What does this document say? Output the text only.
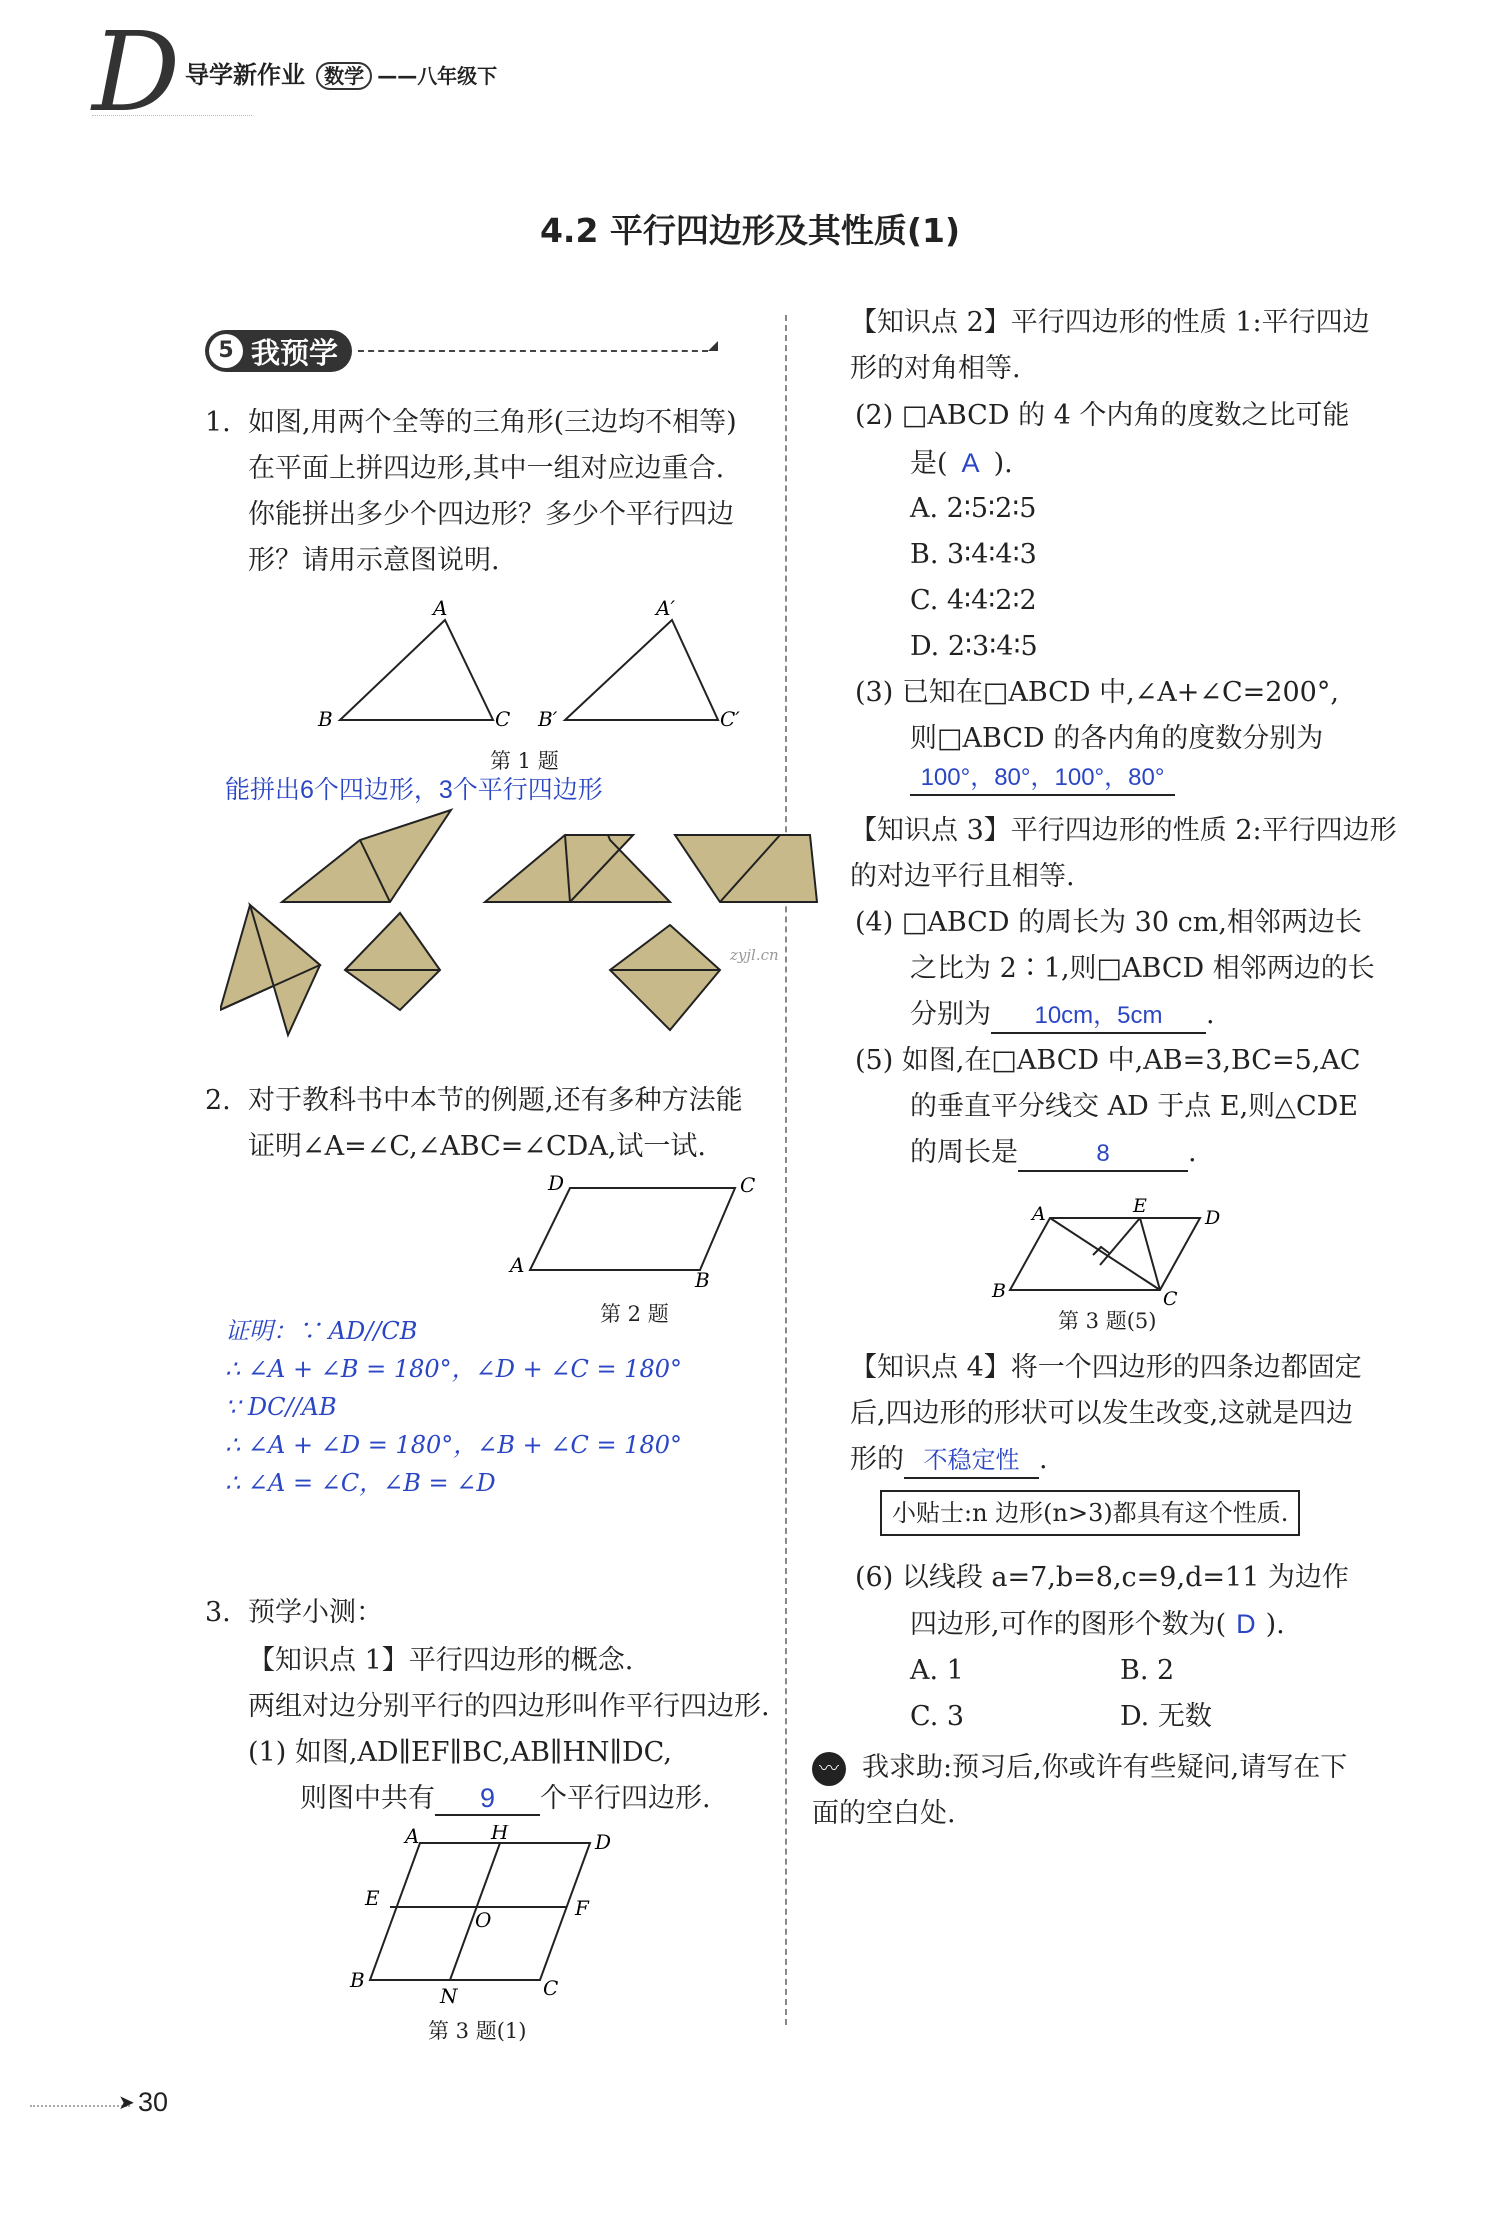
D 导学新作业 数学 ——八年级下
4.2 平行四边形及其性质(1)
5 我预学
1. 如图,用两个全等的三角形(三边均不相等)
在平面上拼四边形,其中一组对应边重合.
你能拼出多少个四边形？多少个平行四边
形？请用示意图说明.
A
B	C
A′
B′	C′
第 1 题
能拼出6个四边形，3个平行四边形
zyjl.cn
2. 对于教科书中本节的例题,还有多种方法能
证明∠A=∠C,∠ABC=∠CDA,试一试.
D	C
A
B
第 2 题
证明：∵ AD//CB
∴ ∠A + ∠B = 180°，∠D + ∠C = 180°
∵ DC//AB
∴ ∠A + ∠D = 180°，∠B + ∠C = 180°
∴ ∠A = ∠C，∠B = ∠D
3. 预学小测：
【知识点 1】平行四边形的概念.
两组对边分别平行的四边形叫作平行四边形.
(1) 如图,AD∥EF∥BC,AB∥HN∥DC,
则图中共有 9 个平行四边形.
A	H	D
E
O	F
B
N	C
第 3 题(1)
【知识点 2】平行四边形的性质 1:平行四边
形的对角相等.
(2) □ABCD 的 4 个内角的度数之比可能
是( A ).
A. 2∶5∶2∶5
B. 3∶4∶4∶3
C. 4∶4∶2∶2
D. 2∶3∶4∶5
(3) 已知在□ABCD 中,∠A+∠C=200°,
则□ABCD 的各内角的度数分别为
100°，80°，100°，80°
【知识点 3】平行四边形的性质 2:平行四边形
的对边平行且相等.
(4) □ABCD 的周长为 30 cm,相邻两边长
之比为 2∶1,则□ABCD 相邻两边的长
分别为 10cm，5cm .
(5) 如图,在□ABCD 中,AB=3,BC=5,AC
的垂直平分线交 AD 于点 E,则△CDE
的周长是	8	.
A	E
D
B	C
第 3 题(5)
【知识点 4】将一个四边形的四条边都固定
后,四边形的形状可以发生改变,这就是四边
形的 不稳定性 .
小贴士:n 边形(n>3)都具有这个性质.
(6) 以线段 a=7,b=8,c=9,d=11 为边作
四边形,可作的图形个数为( D ).
A. 1	B. 2
C. 3	D. 无数
〰 我求助:预习后,你或许有些疑问,请写在下
面的空白处.
➤ 30
